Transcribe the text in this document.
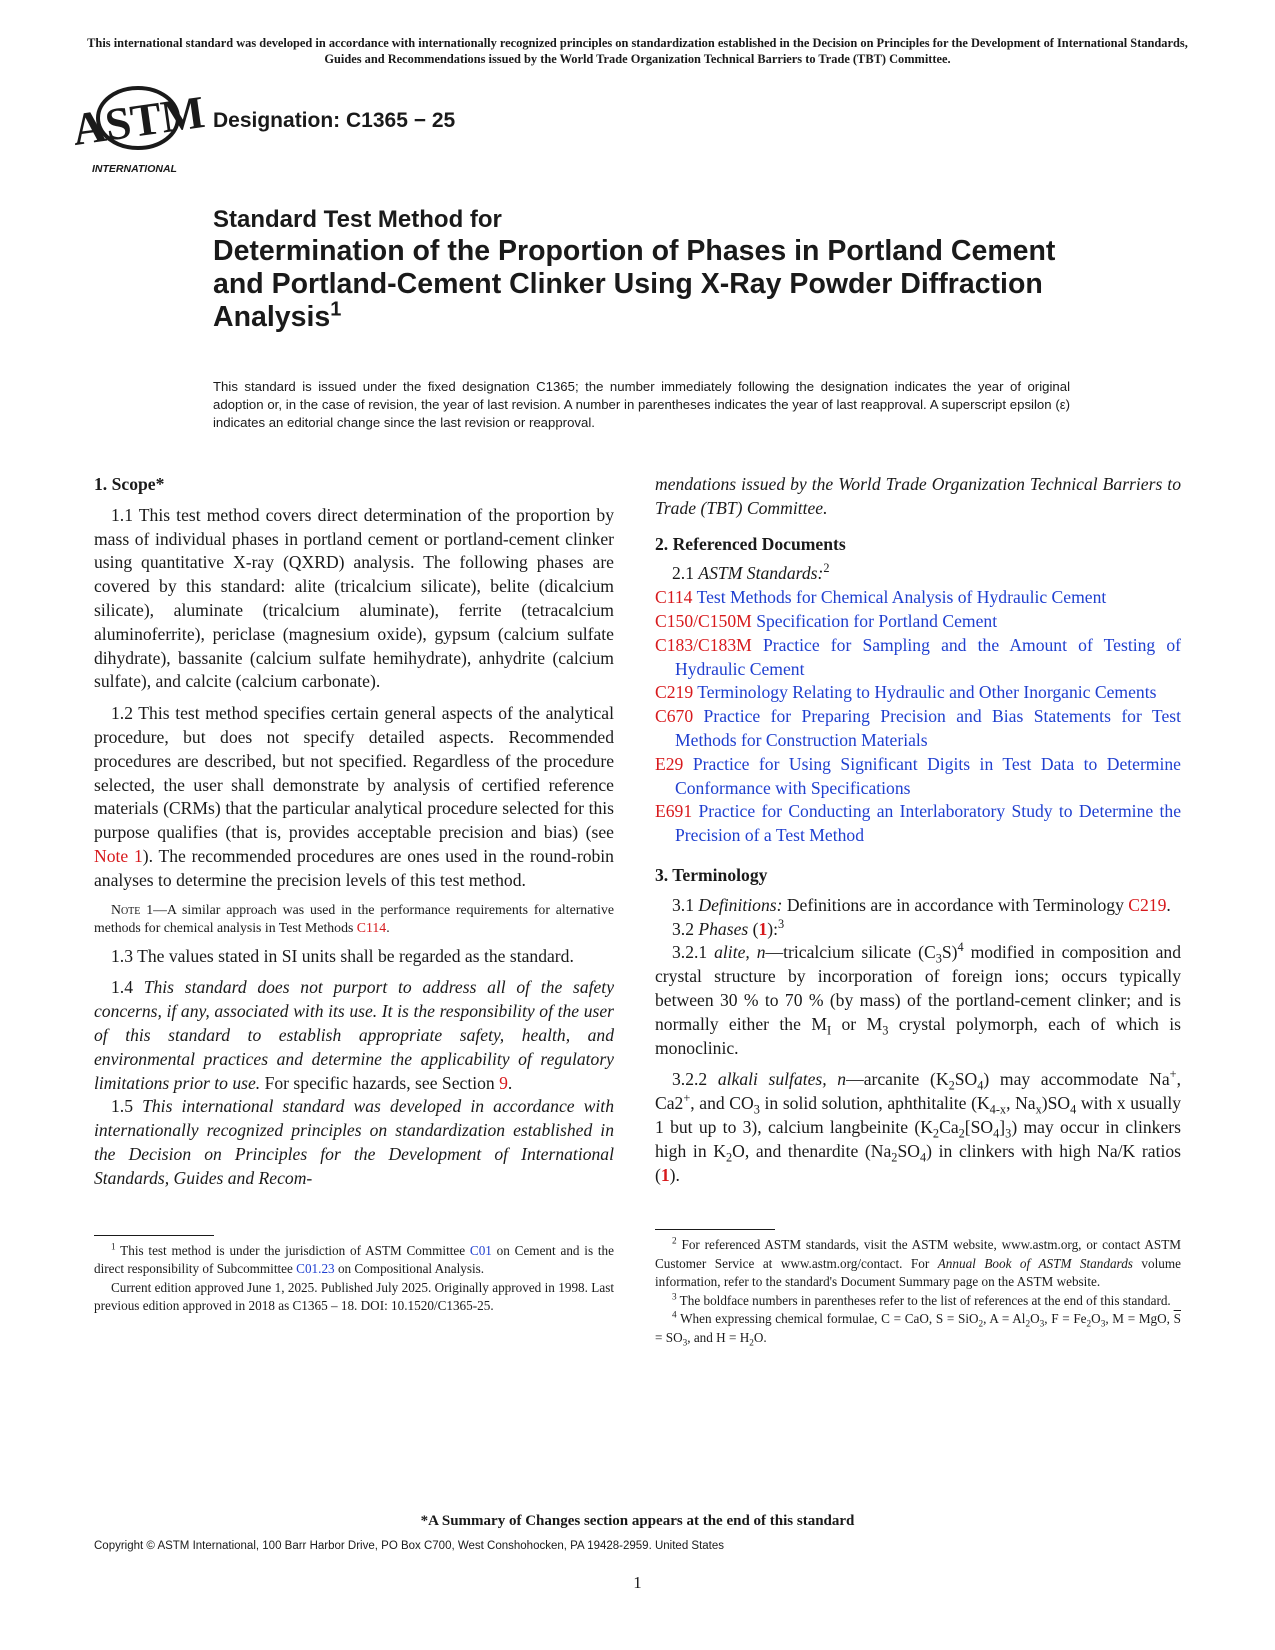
This international standard was developed in accordance with internationally recognized principles on standardization established in the Decision on Principles for the Development of International Standards, Guides and Recommendations issued by the World Trade Organization Technical Barriers to Trade (TBT) Committee.
ASTM
INTERNATIONAL
Designation: C1365 − 25
Standard Test Method for
Determination of the Proportion of Phases in Portland Cement and Portland-Cement Clinker Using X-Ray Powder Diffraction Analysis$^1$
This standard is issued under the fixed designation C1365; the number immediately following the designation indicates the year of original adoption or, in the case of revision, the year of last revision. A number in parentheses indicates the year of last reapproval. A superscript epsilon (ε) indicates an editorial change since the last revision or reapproval.

1. Scope*

1.1 This test method covers direct determination of the proportion by mass of individual phases in portland cement or portland-cement clinker using quantitative X-ray (QXRD) analysis. The following phases are covered by this standard: alite (tricalcium silicate), belite (dicalcium silicate), aluminate (tricalcium aluminate), ferrite (tetracalcium aluminoferrite), periclase (magnesium oxide), gypsum (calcium sulfate dihydrate), bassanite (calcium sulfate hemihydrate), anhydrite (calcium sulfate), and calcite (calcium carbonate).

1.2 This test method specifies certain general aspects of the analytical procedure, but does not specify detailed aspects. Recommended procedures are described, but not specified. Regardless of the procedure selected, the user shall demonstrate by analysis of certified reference materials (CRMs) that the particular analytical procedure selected for this purpose qualifies (that is, provides acceptable precision and bias) (see Note 1). The recommended procedures are ones used in the round-robin analyses to determine the precision levels of this test method.

Note 1—A similar approach was used in the performance requirements for alternative methods for chemical analysis in Test Methods C114.

1.3 The values stated in SI units shall be regarded as the standard.

1.4 This standard does not purport to address all of the safety concerns, if any, associated with its use. It is the responsibility of the user of this standard to establish appropriate safety, health, and environmental practices and determine the applicability of regulatory limitations prior to use. For specific hazards, see Section 9.

1.5 This international standard was developed in accordance with internationally recognized principles on standardization established in the Decision on Principles for the Development of International Standards, Guides and Recom-

$^1$ This test method is under the jurisdiction of ASTM Committee C01 on Cement and is the direct responsibility of Subcommittee C01.23 on Compositional Analysis.

Current edition approved June 1, 2025. Published July 2025. Originally approved in 1998. Last previous edition approved in 2018 as C1365 – 18. DOI: 10.1520/C1365-25.

mendations issued by the World Trade Organization Technical Barriers to Trade (TBT) Committee.

2. Referenced Documents

2.1 ASTM Standards:$^2$

C114 Test Methods for Chemical Analysis of Hydraulic Cement

C150/C150M Specification for Portland Cement

C183/C183M Practice for Sampling and the Amount of Testing of Hydraulic Cement

C219 Terminology Relating to Hydraulic and Other Inorganic Cements

C670 Practice for Preparing Precision and Bias Statements for Test Methods for Construction Materials

E29 Practice for Using Significant Digits in Test Data to Determine Conformance with Specifications

E691 Practice for Conducting an Interlaboratory Study to Determine the Precision of a Test Method

3. Terminology

3.1 Definitions: Definitions are in accordance with Terminology C219.

3.2 Phases (1):$^3$

3.2.1 alite, n—tricalcium silicate $(C_3S)^4$ modified in composition and crystal structure by incorporation of foreign ions; occurs typically between 30 % to 70 % (by mass) of the portland-cement clinker; and is normally either the $M_I$ or $M_3$ crystal polymorph, each of which is monoclinic.

3.2.2 alkali sulfates, n—arcanite $(K_2SO_4)$ may accommodate Na+, Ca2+, and $CO_3$ in solid solution, aphthitalite ($K_{4-x}$, $Na_x)SO_4$ with x usually 1 but up to 3), calcium langbeinite $(K_2Ca_2[SO_4]_3)$ may occur in clinkers high in $K_2O$, and thenardite $(Na_2SO_4)$ in clinkers with high Na/K ratios (1).

$^2$ For referenced ASTM standards, visit the ASTM website, www.astm.org, or contact ASTM Customer Service at www.astm.org/contact. For Annual Book of ASTM Standards volume information, refer to the standard's Document Summary page on the ASTM website.

$^3$ The boldface numbers in parentheses refer to the list of references at the end of this standard.

$^4$ When expressing chemical formulae, C = CaO, S = SiO$_2$, $A = Al_2O_3$, $F = Fe_2O_3$, M = MgO, $\overline{S} = SO_3$, and $H = H_2O$.

*A Summary of Changes section appears at the end of this standard
Copyright © ASTM International, 100 Barr Harbor Drive, PO Box C700, West Conshohocken, PA 19428-2959. United States
1
